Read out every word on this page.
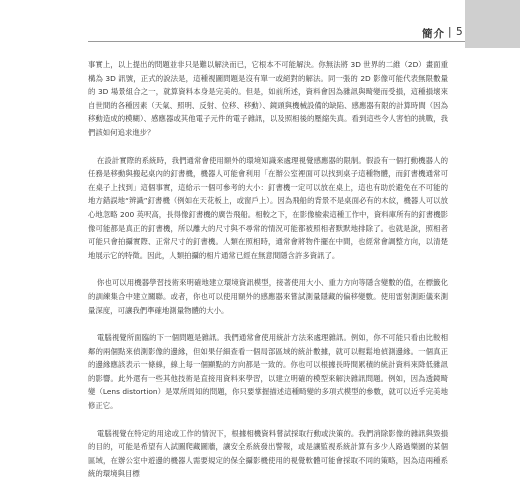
簡介 | 5

事實上，以上提出的問題並非只是難以解決而已，它根本不可能解決。你無法將 3D 世界的二維（2D）畫面重構為 3D 訊號，正式的說法是，這種視圖問題是沒有單一或絕對的解法。同一張的 2D 影像可能代表無限數量的 3D 場景組合之一，就算資料本身是完美的。但是，如前所述，資料會因為雜訊與畸變而受損，這種損壞來自世間的各種因素（天氣、照明、反射、位移、移動）、鏡頭與機械設備的缺陷、感應器有限的計算時間（因為移動造成的模糊）、感應器或其他電子元件的電子雜訊，以及照相後的壓縮失真。看到這些令人害怕的挑戰，我們該如何追求進步？

在設計實際的系統時，我們通常會使用額外的環境知識來處理視覺感應器的限制。假設有一個打動機器人的任務是移動與搬起桌內的釘書機，機器人可能會利用「在辦公室裡面可以找到桌子這種物體，而釘書機通常可在桌子上找到」這個事實，這給示一個可參考的大小：釘書機一定可以放在桌上，這也有助於避免在不可能的地方錯誤地“辨識”釘書機（例如在天花板上，或窗戶上）。因為飛船的背景不是桌面必有的木紋，機器人可以放心地忽略 200 英呎高，長得像釘書機的廣告飛船。相較之下，在影像檢索這種工作中，資料庫所有的釘書機影像可能都是真正的釘書機，所以離大的尺寸與不尋常的情況可能都被照相者默默地排除了。也就是說，照相者可能只會拍攝實際、正常尺寸的釘書機。人類在照相時，通常會將物件擺在中間，也經常會調整方向，以清楚地展示它的特徵。因此，人類拍攝的相片通常已經在無意間隱含許多資訊了。

你也可以用機器學習技術來明確地建立環境資訊模型，接著使用大小、重力方向等隱含變數的值，在標籤化的訓練集合中建立關聯。或者，你也可以使用額外的感應器來嘗試測量隱藏的偏移變數。使用雷射測距儀來測量深度，可讓我們準確地測量物體的大小。

電腦視覺所面臨的下一個問題是雜訊。我們通常會使用統計方法來處理雜訊。例如，你不可能只看由比較相鄰的兩個點來偵測影像的邊緣，但如果仔細查看一個局部區域的統計數據，就可以輕鬆地偵測邊緣。一個真正的邊緣應該表示一條線，線上每一個顯點的方向都是一致的。你也可以根據長時間累積的統計資料來降低雜訊的影響。此外還有一些其他技術是直接用資料來學習，以建立明確的模型來解決雜訊問題。例如，因為透鏡畸變（Lens distortion）是眾所周知的問題，你只要掌握描述這種畸變的多項式模型的參數，就可以近乎完美地修正它。

電腦視覺在特定的用途或工作的情況下，根據相機資料嘗試採取行動或決策的。我們消除影像的雜訊與毀損的目的，可能是希望有人試圖爬藏圖牆，讓安全系統發出警報，或是讓監視系統計算有多少人路過樂園的某個區域，在辦公室中遊邊的機器人需要規定的保全攝影機使用的視覺軟體可能會採取不同的策略，因為這兩種系統的環境與目標
